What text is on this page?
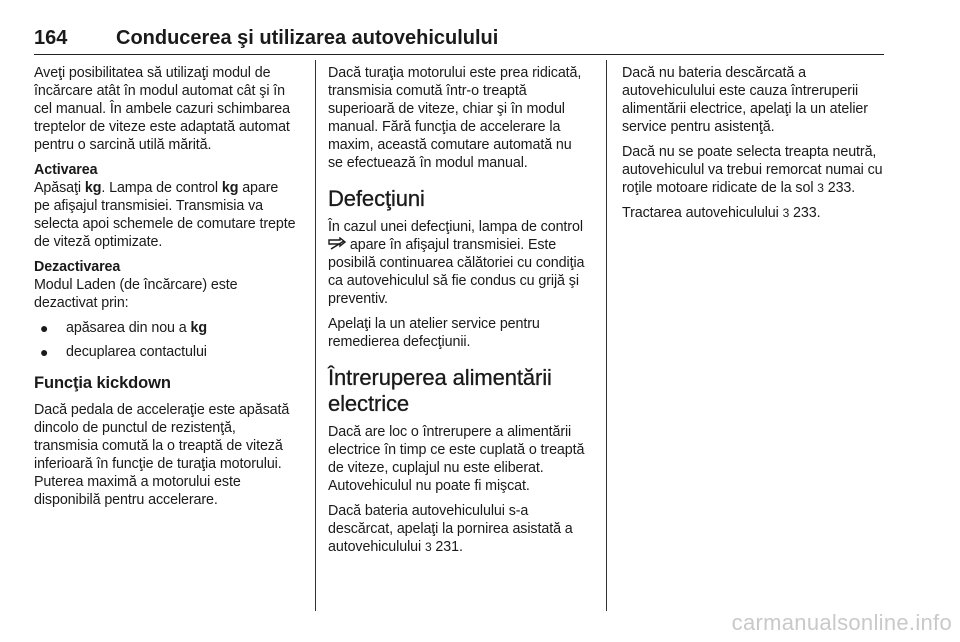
164 Conducerea şi utilizarea autovehiculului

Aveţi posibilitatea să utilizaţi modul de încărcare atât în modul automat cât şi în cel manual. În ambele cazuri schimbarea treptelor de viteze este adaptată automat pentru o sarcină utilă mărită.

Activarea

Apăsaţi kg. Lampa de control kg apare pe afişajul transmisiei. Transmisia va selecta apoi schemele de comutare trepte de viteză optimizate.

Dezactivarea

Modul Laden (de încărcare) este dezactivat prin:

● apăsarea din nou a kg
● decuplarea contactului
Funcţia kickdown

Dacă pedala de acceleraţie este apăsată dincolo de punctul de rezistenţă, transmisia comută la o treaptă de viteză inferioară în funcţie de turaţia motorului. Puterea maximă a motorului este disponibilă pentru accelerare.

Dacă turaţia motorului este prea ridicată, transmisia comută într-o treaptă superioară de viteze, chiar şi în modul manual. Fără funcţia de accelerare la maxim, această comutare automată nu se efectuează în modul manual.

Defecţiuni

În cazul unei defecţiuni, lampa de control  apare în afişajul transmisiei. Este posibilă continuarea călătoriei cu condiţia ca autovehiculul să fie condus cu grijă şi preventiv.

Apelaţi la un atelier service pentru remedierea defecţiunii.

Întreruperea alimentării electrice

Dacă are loc o întrerupere a alimentării electrice în timp ce este cuplată o treaptă de viteze, cuplajul nu este eliberat. Autovehiculul nu poate fi mişcat.

Dacă bateria autovehiculului s-a descărcat, apelaţi la pornirea asistată a autovehiculului 3 231.

Dacă nu bateria descărcată a autovehiculului este cauza întreruperii alimentării electrice, apelaţi la un atelier service pentru asistenţă.

Dacă nu se poate selecta treapta neutră, autovehiculul va trebui remorcat numai cu roţile motoare ridicate de la sol 3 233.

Tractarea autovehiculului 3 233.

carmanualsonline.info
